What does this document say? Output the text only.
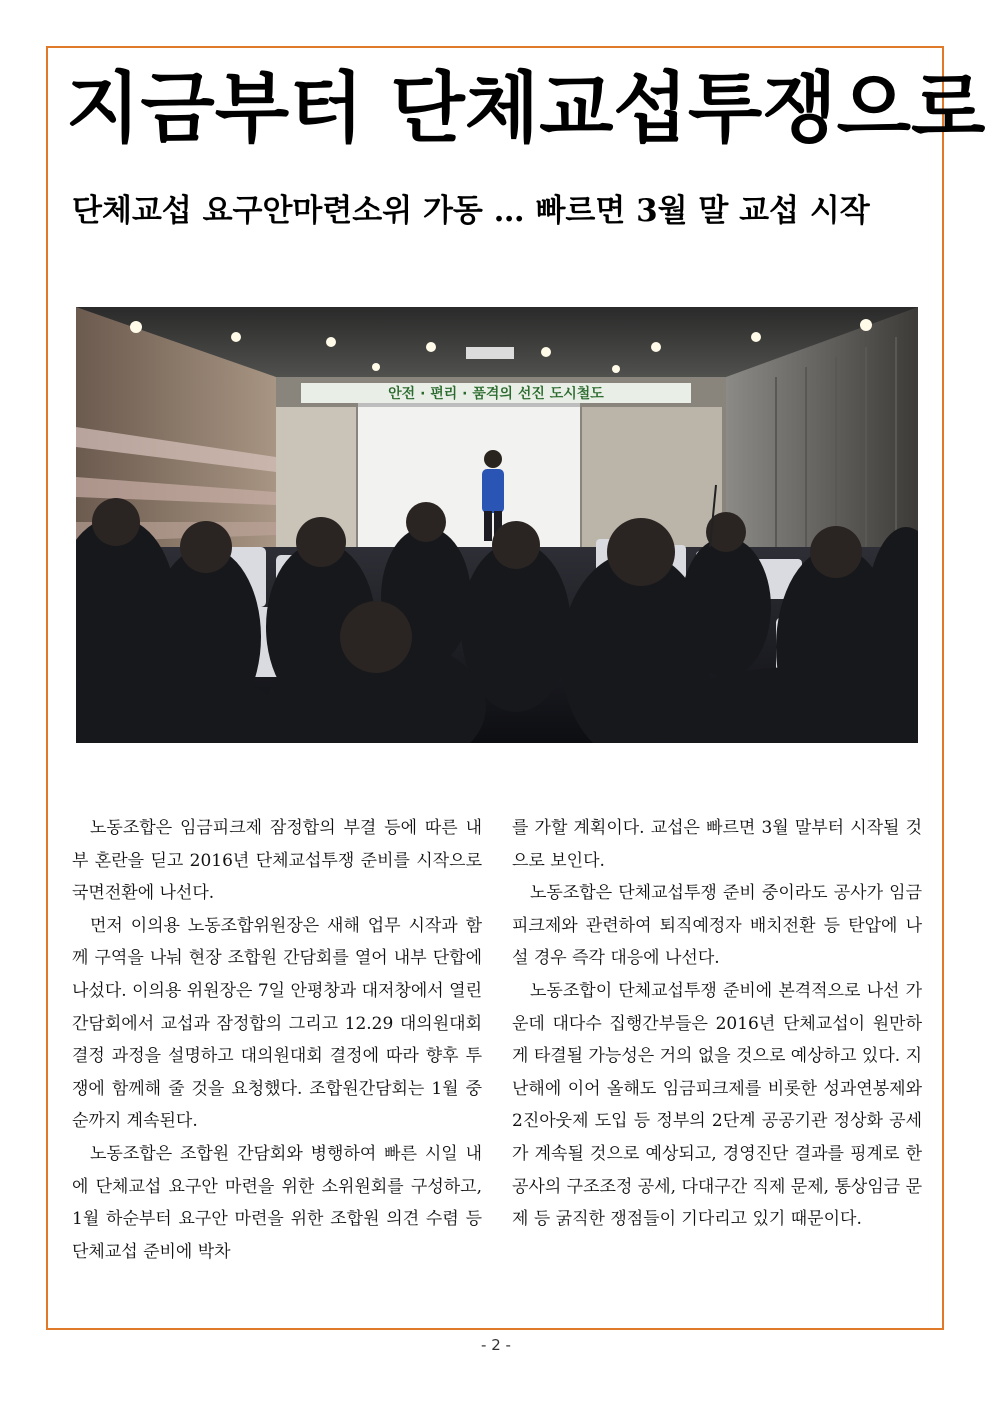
지금부터 단체교섭투쟁으로
단체교섭 요구안마련소위 가동 … 빠르면 3월 말 교섭 시작
안전 · 편리 · 품격의 선진 도시철도

노동조합은 임금피크제 잠정합의 부결 등에 따른 내부 혼란을 딛고 2016년 단체교섭투쟁 준비를 시작으로 국면전환에 나선다.

먼저 이의용 노동조합위원장은 새해 업무 시작과 함께 구역을 나눠 현장 조합원 간담회를 열어 내부 단합에 나섰다. 이의용 위원장은 7일 안평창과 대저창에서 열린 간담회에서 교섭과 잠정합의 그리고 12.29 대의원대회 결정 과정을 설명하고 대의원대회 결정에 따라 향후 투쟁에 함께해 줄 것을 요청했다. 조합원간담회는 1월 중순까지 계속된다.

노동조합은 조합원 간담회와 병행하여 빠른 시일 내에 단체교섭 요구안 마련을 위한 소위원회를 구성하고, 1월 하순부터 요구안 마련을 위한 조합원 의견 수렴 등 단체교섭 준비에 박차

를 가할 계획이다. 교섭은 빠르면 3월 말부터 시작될 것으로 보인다.

노동조합은 단체교섭투쟁 준비 중이라도 공사가 임금피크제와 관련하여 퇴직예정자 배치전환 등 탄압에 나설 경우 즉각 대응에 나선다.

노동조합이 단체교섭투쟁 준비에 본격적으로 나선 가운데 대다수 집행간부들은 2016년 단체교섭이 원만하게 타결될 가능성은 거의 없을 것으로 예상하고 있다. 지난해에 이어 올해도 임금피크제를 비롯한 성과연봉제와 2진아웃제 도입 등 정부의 2단계 공공기관 정상화 공세가 계속될 것으로 예상되고, 경영진단 결과를 핑계로 한 공사의 구조조정 공세, 다대구간 직제 문제, 통상임금 문제 등 굵직한 쟁점들이 기다리고 있기 때문이다.

- 2 -
